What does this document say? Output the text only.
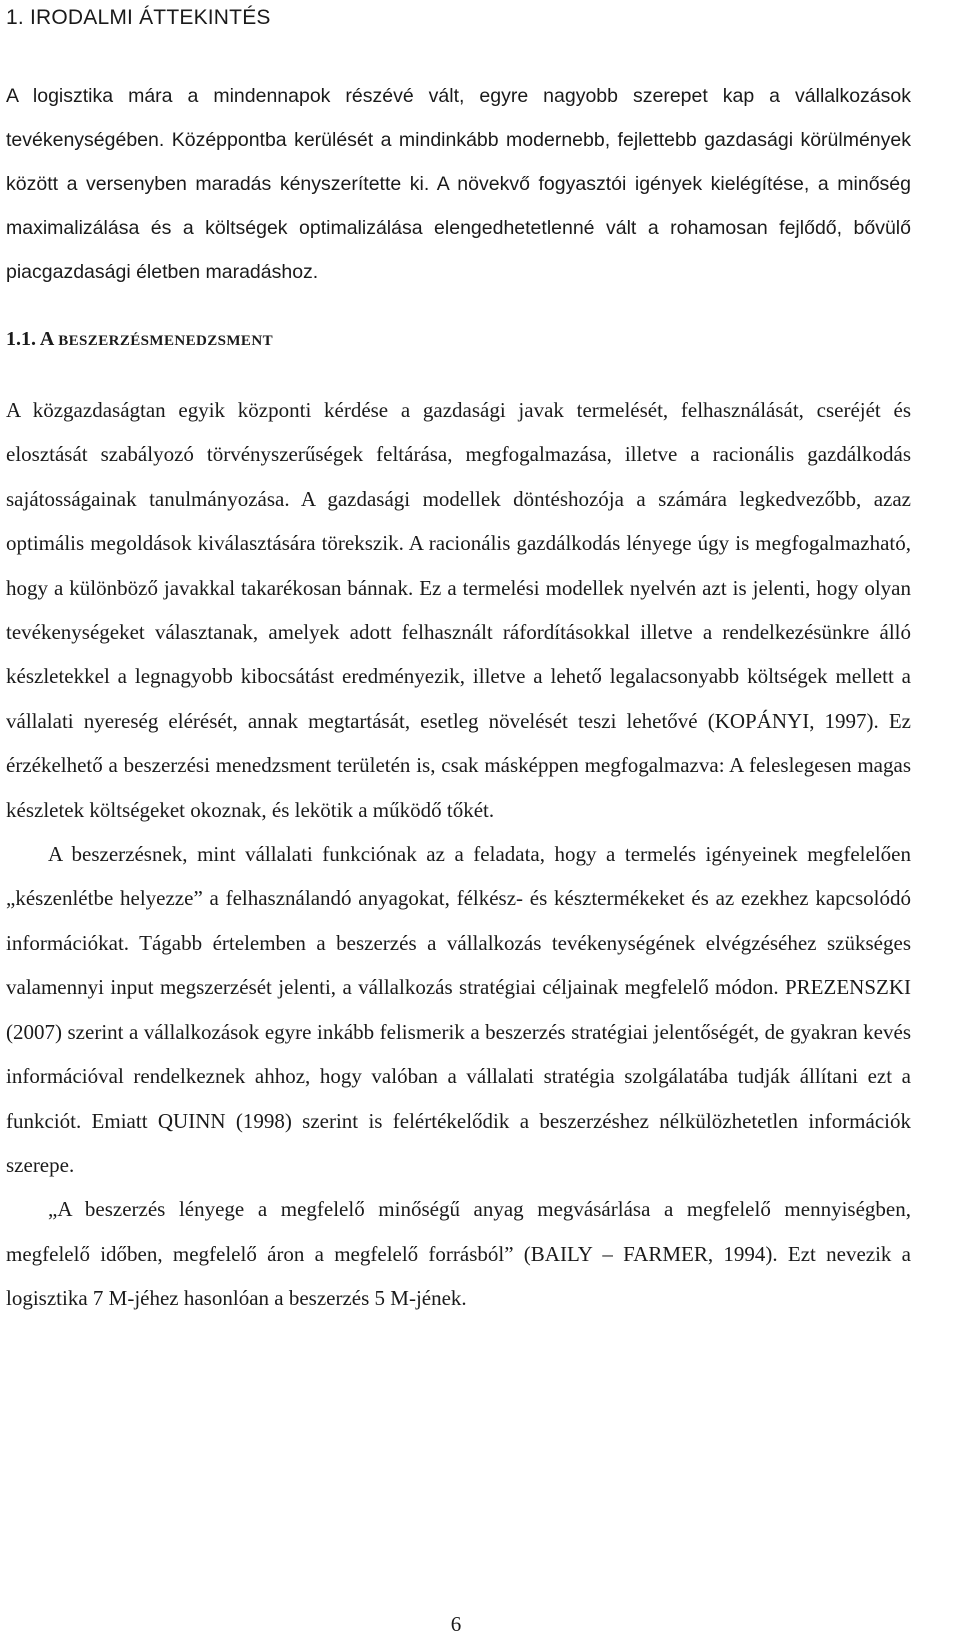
1. IRODALMI ÁTTEKINTÉS

A logisztika mára a mindennapok részévé vált, egyre nagyobb szerepet kap a vállalkozások tevékenységében. Középpontba kerülését a mindinkább modernebb, fejlettebb gazdasági körülmények között a versenyben maradás kényszerítette ki. A növekvő fogyasztói igények kielégítése, a minőség maximalizálása és a költségek optimalizálása elengedhetetlenné vált a rohamosan fejlődő, bővülő piacgazdasági életben maradáshoz.

1.1. A BESZERZÉSMENEDZSMENT

A közgazdaságtan egyik központi kérdése a gazdasági javak termelését, felhasználását, cseréjét és elosztását szabályozó törvényszerűségek feltárása, megfogalmazása, illetve a racionális gazdálkodás sajátosságainak tanulmányozása. A gazdasági modellek döntéshozója a számára legkedvezőbb, azaz optimális megoldások kiválasztására törekszik. A racionális gazdálkodás lényege úgy is megfogalmazható, hogy a különböző javakkal takarékosan bánnak. Ez a termelési modellek nyelvén azt is jelenti, hogy olyan tevékenységeket választanak, amelyek adott felhasznált ráfordításokkal illetve a rendelkezésünkre álló készletekkel a legnagyobb kibocsátást eredményezik, illetve a lehető legalacsonyabb költségek mellett a vállalati nyereség elérését, annak megtartását, esetleg növelését teszi lehetővé (KOPÁNYI, 1997). Ez érzékelhető a beszerzési menedzsment területén is, csak másképpen megfogalmazva: A feleslegesen magas készletek költségeket okoznak, és lekötik a működő tőkét.

A beszerzésnek, mint vállalati funkciónak az a feladata, hogy a termelés igényeinek megfelelően „készenlétbe helyezze” a felhasználandó anyagokat, félkész- és késztermékeket és az ezekhez kapcsolódó információkat. Tágabb értelemben a beszerzés a vállalkozás tevékenységének elvégzéséhez szükséges valamennyi input megszerzését jelenti, a vállalkozás stratégiai céljainak megfelelő módon. PREZENSZKI (2007) szerint a vállalkozások egyre inkább felismerik a beszerzés stratégiai jelentőségét, de gyakran kevés információval rendelkeznek ahhoz, hogy valóban a vállalati stratégia szolgálatába tudják állítani ezt a funkciót. Emiatt QUINN (1998) szerint is felértékelődik a beszerzéshez nélkülözhetetlen információk szerepe.

„A beszerzés lényege a megfelelő minőségű anyag megvásárlása a megfelelő mennyiségben, megfelelő időben, megfelelő áron a megfelelő forrásból” (BAILY – FARMER, 1994). Ezt nevezik a logisztika 7 M-jéhez hasonlóan a beszerzés 5 M-jének.

6
